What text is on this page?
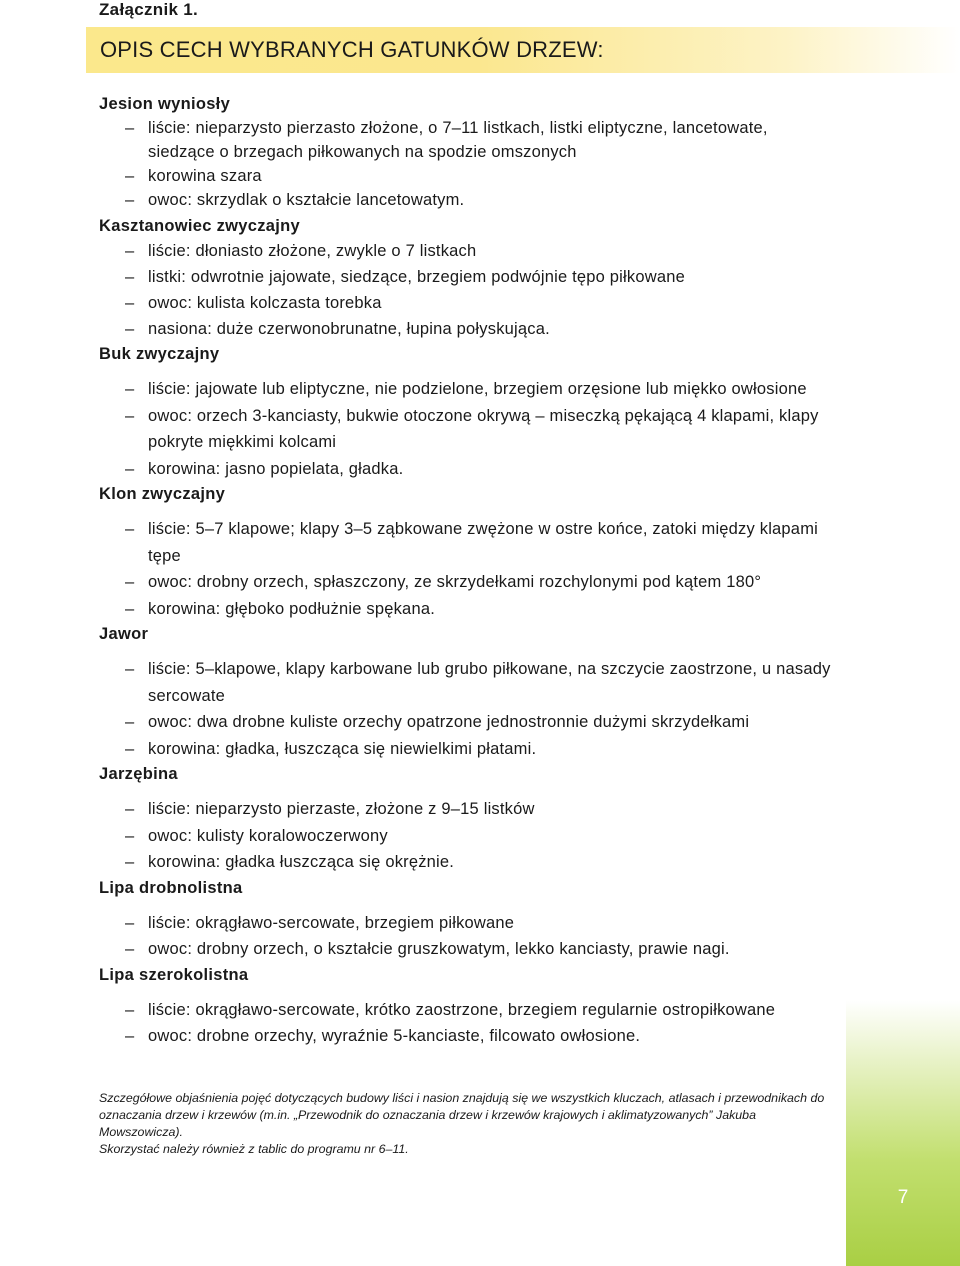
Załącznik 1.
OPIS CECH WYBRANYCH GATUNKÓW DRZEW:
Jesion wyniosły
– liście: nieparzysto pierzasto złożone, o 7–11 listkach, listki eliptyczne, lancetowate, siedzące o brzegach piłkowanych na spodzie omszonych
– korowina szara
– owoc: skrzydlak o kształcie lancetowatym.
Kasztanowiec zwyczajny
– liście: dłoniasto złożone, zwykle o 7 listkach
– listki: odwrotnie jajowate, siedzące, brzegiem podwójnie tępo piłkowane
– owoc: kulista kolczasta torebka
– nasiona: duże czerwonobrunatne, łupina połyskująca.
Buk zwyczajny
– liście: jajowate lub eliptyczne, nie podzielone, brzegiem orzęsione lub miękko owłosione
– owoc: orzech 3-kanciasty, bukwie otoczone okrywą – miseczką pękającą 4 klapami, klapy pokryte miękkimi kolcami
– korowina: jasno popielata, gładka.
Klon zwyczajny
– liście: 5–7 klapowe; klapy 3–5 ząbkowane zwężone w ostre końce, zatoki między klapami tępe
– owoc: drobny orzech, spłaszczony, ze skrzydełkami rozchylonymi pod kątem 180°
– korowina: głęboko podłużnie spękana.
Jawor
– liście: 5–klapowe, klapy karbowane lub grubo piłkowane, na szczycie zaostrzone, u nasady sercowate
– owoc: dwa drobne kuliste orzechy opatrzone jednostronnie dużymi skrzydełkami
– korowina: gładka, łuszcząca się niewielkimi płatami.
Jarzębina
– liście: nieparzysto pierzaste, złożone z 9–15 listków
– owoc: kulisty koralowoczerwony
– korowina: gładka łuszcząca się okrężnie.
Lipa drobnolistna
– liście: okrągławo-sercowate, brzegiem piłkowane
– owoc: drobny orzech, o kształcie gruszkowatym, lekko kanciasty, prawie nagi.
Lipa szerokolistna
– liście: okrągławo-sercowate, krótko zaostrzone, brzegiem regularnie ostropiłkowane
– owoc: drobne orzechy, wyraźnie 5-kanciaste, filcowato owłosione.
Szczegółowe objaśnienia pojęć dotyczących budowy liści i nasion znajdują się we wszystkich kluczach, atlasach i przewodnikach do oznaczania drzew i krzewów (m.in. „Przewodnik do oznaczania drzew i krzewów krajowych i aklimatyzowanych” Jakuba Mowszowicza).
Skorzystać należy również z tablic do programu nr 6–11.
7
